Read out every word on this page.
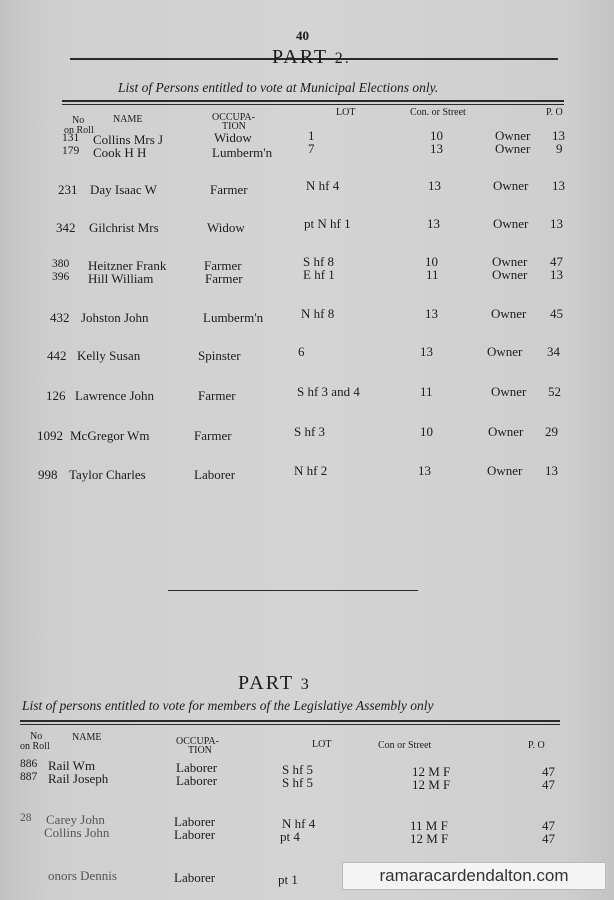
40
PART 2.
List of Persons entitled to vote at Municipal Elections only.
No
on Roll
NAME	OCCUPA-
TION
LOT	Con. or Street	P. O
131 Collins Mrs J	Widow	1	10	Owner 13
179 Cook H H	Lumberm'n	7	13	Owner 9
231 Day Isaac W	Farmer	N hf 4	13	Owner 13
342 Gilchrist Mrs	Widow	pt N hf 1	13	Owner 13
380 Heitzner Frank	Farmer	S hf 8	10	Owner 47
396 Hill William	Farmer	E hf 1	11	Owner 13
432 Johston John	Lumberm'n	N hf 8	13	Owner 45
442 Kelly Susan	Spinster	6	13	Owner 34
126 Lawrence John	Farmer	S hf 3 and 4	11	Owner 52
1092 McGregor Wm	Farmer	S hf 3	10	Owner 29
998 Taylor Charles	Laborer	N hf 2	13	Owner 13
PART 3
List of persons entitled to vote for members of the Legislatiye Assembly only
No
on Roll
NAME	OCCUPA-
TION
LOT	Con or Street	P. O
886 Rail Wm	Laborer	S hf 5	12 M F	47
887 Rail Joseph	Laborer	S hf 5	12 M F	47
28 Carey John	Laborer	N hf 4	11 M F	47
Collins John	Laborer	pt 4	12 M F	47
onors Dennis	Laborer	pt 1	ramaracardendalton.com
